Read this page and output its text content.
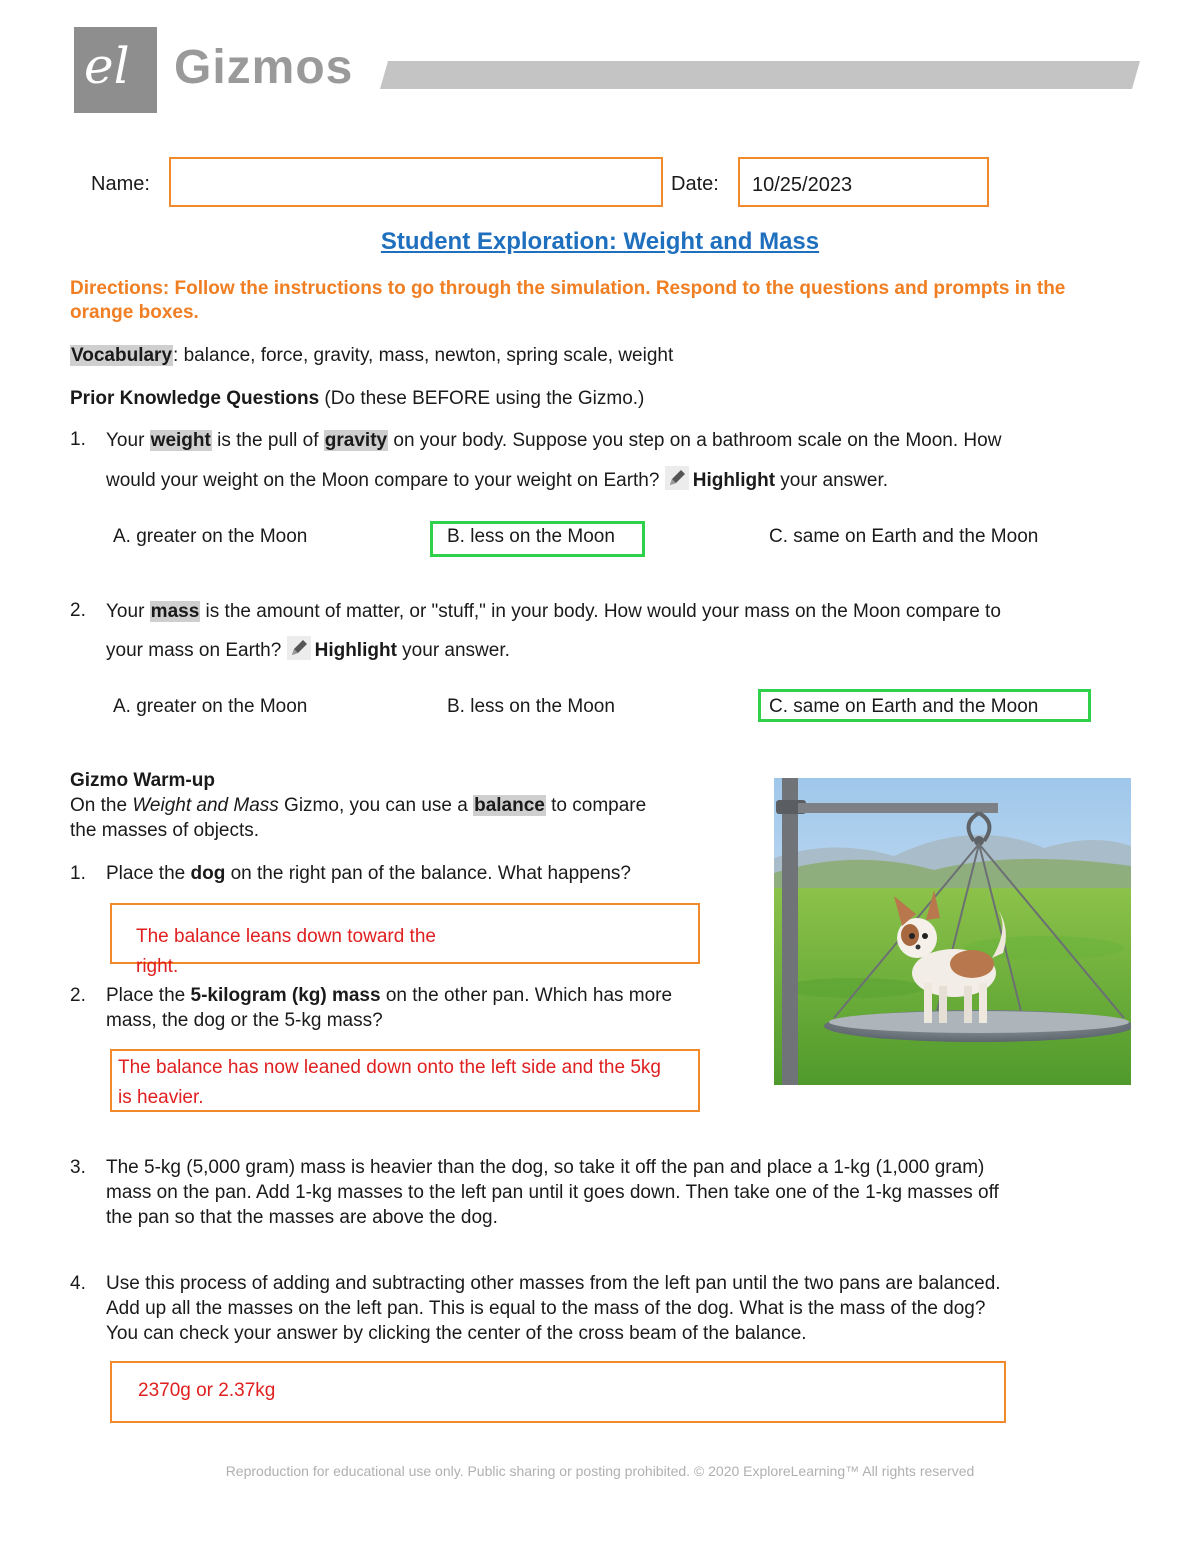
el Gizmos
Name:	Date: 10/25/2023
Student Exploration: Weight and Mass
Directions: Follow the instructions to go through the simulation. Respond to the questions and prompts in the orange boxes.
Vocabulary: balance, force, gravity, mass, newton, spring scale, weight
Prior Knowledge Questions (Do these BEFORE using the Gizmo.)
1. Your weight is the pull of gravity on your body. Suppose you step on a bathroom scale on the Moon. How
would your weight on the Moon compare to your weight on Earth? Highlight your answer.
A. greater on the Moon	B. less on the Moon	C. same on Earth and the Moon
2. Your mass is the amount of matter, or "stuff," in your body. How would your mass on the Moon compare to
your mass on Earth? Highlight your answer.
A. greater on the Moon	B. less on the Moon	C. same on Earth and the Moon
Gizmo Warm-up
On the Weight and Mass Gizmo, you can use a balance to compare
the masses of objects.
1. Place the dog on the right pan of the balance. What happens?
The balance leans down toward the right.
2. Place the 5-kilogram (kg) mass on the other pan. Which has more
mass, the dog or the 5-kg mass?
The balance has now leaned down onto the left side and the 5kg is heavier.
3. The 5-kg (5,000 gram) mass is heavier than the dog, so take it off the pan and place a 1-kg (1,000 gram)
mass on the pan. Add 1-kg masses to the left pan until it goes down. Then take one of the 1-kg masses off
the pan so that the masses are above the dog.
4. Use this process of adding and subtracting other masses from the left pan until the two pans are balanced.
Add up all the masses on the left pan. This is equal to the mass of the dog. What is the mass of the dog?
You can check your answer by clicking the center of the cross beam of the balance.
2370g or 2.37kg
Reproduction for educational use only. Public sharing or posting prohibited. © 2020 ExploreLearning™ All rights reserved
